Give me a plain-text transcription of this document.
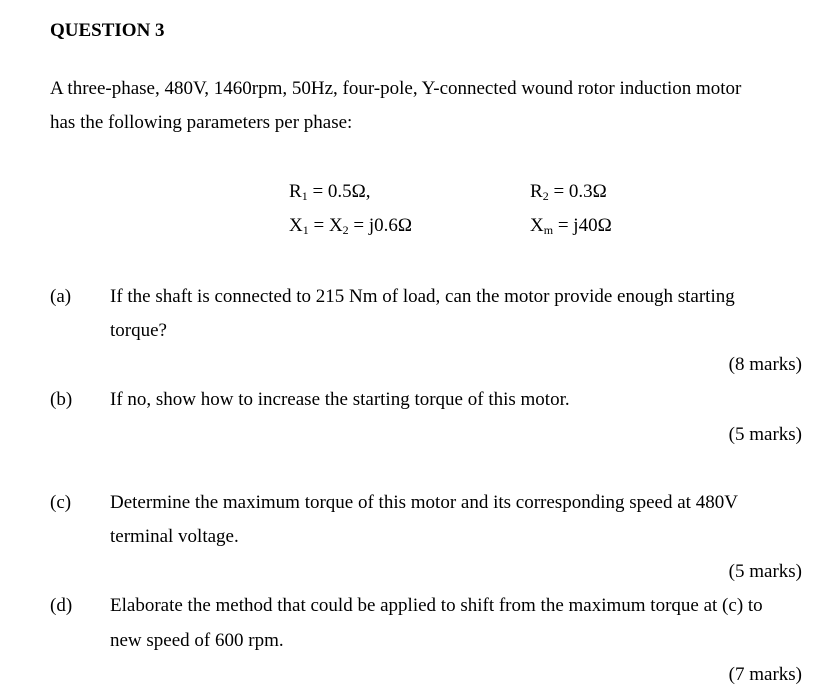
QUESTION 3
A three-phase, 480V, 1460rpm, 50Hz, four-pole, Y-connected wound rotor induction motor
has the following parameters per phase:
$R_1 = 0.5\Omega$,	$R_2 = 0.3\Omega$
$X_1 = X_2 = j0.6\Omega$	$X_m = j40\Omega$
(a) If the shaft is connected to 215 Nm of load, can the motor provide enough starting
torque?
(8 marks)
(b) If no, show how to increase the starting torque of this motor.
(5 marks)
(c) Determine the maximum torque of this motor and its corresponding speed at 480V
terminal voltage.
(5 marks)
(d) Elaborate the method that could be applied to shift from the maximum torque at (c) to
new speed of 600 rpm.
(7 marks)
